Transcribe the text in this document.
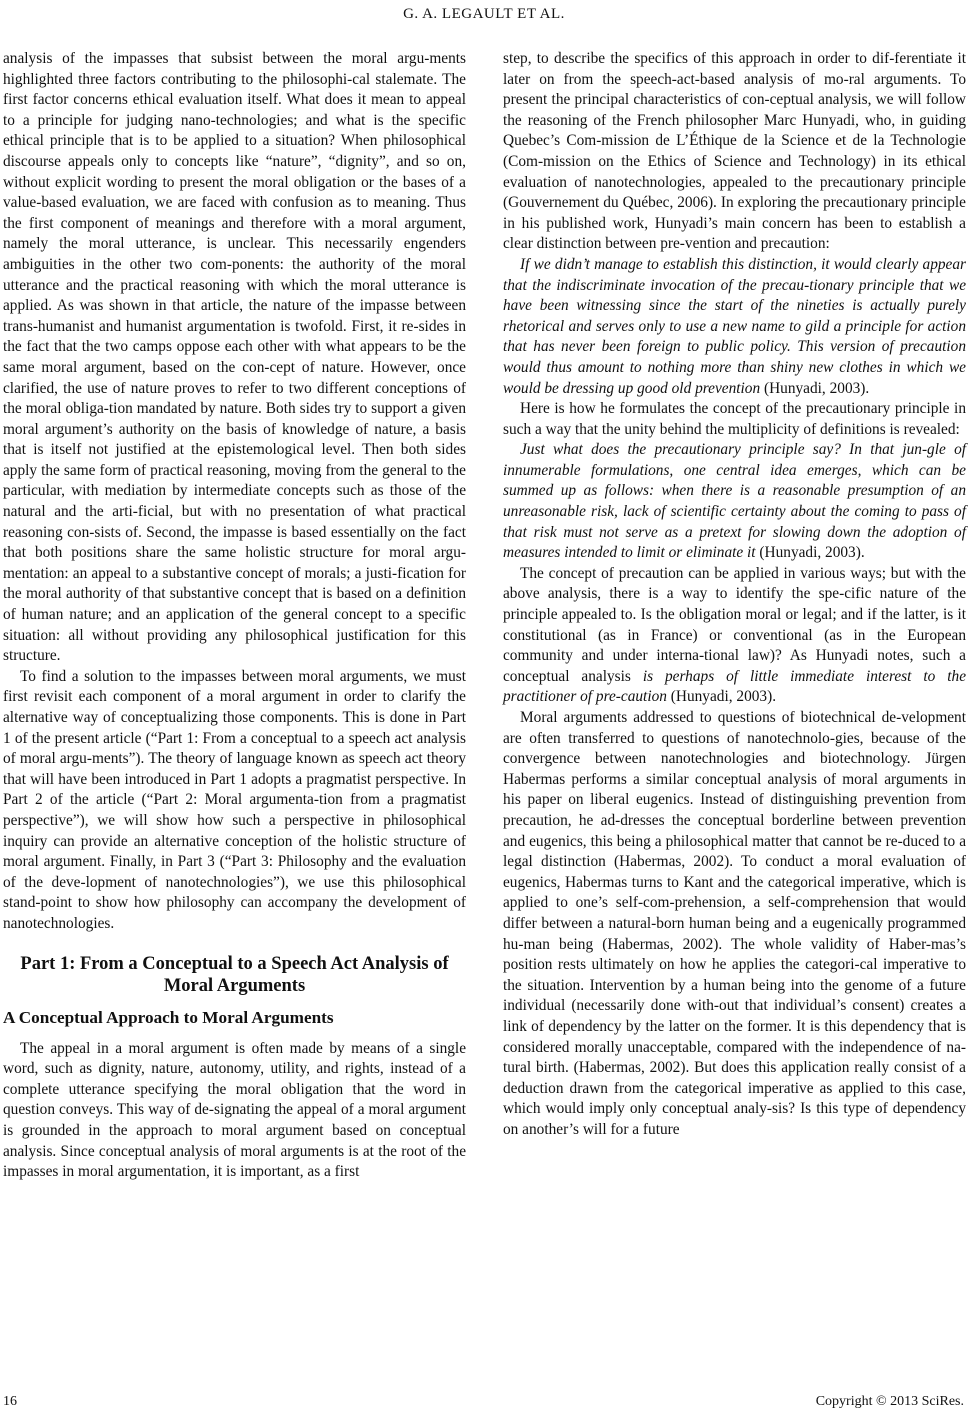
G. A. LEGAULT ET AL.

analysis of the impasses that subsist between the moral argu-ments highlighted three factors contributing to the philosophi-cal stalemate. The first factor concerns ethical evaluation itself. What does it mean to appeal to a principle for judging nano-technologies; and what is the specific ethical principle that is to be applied to a situation? When philosophical discourse appeals only to concepts like “nature”, “dignity”, and so on, without explicit wording to present the moral obligation or the bases of a value-based evaluation, we are faced with confusion as to meaning. Thus the first component of meanings and therefore with a moral argument, namely the moral utterance, is unclear. This necessarily engenders ambiguities in the other two com-ponents: the authority of the moral utterance and the practical reasoning with which the moral utterance is applied. As was shown in that article, the nature of the impasse between trans-humanist and humanist argumentation is twofold. First, it re-sides in the fact that the two camps oppose each other with what appears to be the same moral argument, based on the con-cept of nature. However, once clarified, the use of nature proves to refer to two different conceptions of the moral obliga-tion mandated by nature. Both sides try to support a given moral argument’s authority on the basis of knowledge of nature, a basis that is itself not justified at the epistemological level. Then both sides apply the same form of practical reasoning, moving from the general to the particular, with mediation by intermediate concepts such as those of the natural and the arti-ficial, but with no presentation of what practical reasoning con-sists of. Second, the impasse is based essentially on the fact that both positions share the same holistic structure for moral argu-mentation: an appeal to a substantive concept of morals; a justi-fication for the moral authority of that substantive concept that is based on a definition of human nature; and an application of the general concept to a specific situation: all without providing any philosophical justification for this structure.

To find a solution to the impasses between moral arguments, we must first revisit each component of a moral argument in order to clarify the alternative way of conceptualizing those components. This is done in Part 1 of the present article (“Part 1: From a conceptual to a speech act analysis of moral argu-ments”). The theory of language known as speech act theory that will have been introduced in Part 1 adopts a pragmatist perspective. In Part 2 of the article (“Part 2: Moral argumenta-tion from a pragmatist perspective”), we will show how such a perspective in philosophical inquiry can provide an alternative conception of the holistic structure of moral argument. Finally, in Part 3 (“Part 3: Philosophy and the evaluation of the deve-lopment of nanotechnologies”), we use this philosophical stand-point to show how philosophy can accompany the development of nanotechnologies.

Part 1: From a Conceptual to a Speech Act Analysis of Moral Arguments
A Conceptual Approach to Moral Arguments

The appeal in a moral argument is often made by means of a single word, such as dignity, nature, autonomy, utility, and rights, instead of a complete utterance specifying the moral obligation that the word in question conveys. This way of de-signating the appeal of a moral argument is grounded in the approach to moral argument based on conceptual analysis. Since conceptual analysis of moral arguments is at the root of the impasses in moral argumentation, it is important, as a first

step, to describe the specifics of this approach in order to dif-ferentiate it later on from the speech-act-based analysis of mo-ral arguments. To present the principal characteristics of con-ceptual analysis, we will follow the reasoning of the French philosopher Marc Hunyadi, who, in guiding Quebec’s Com-mission de L’Éthique de la Science et de la Technologie (Com-mission on the Ethics of Science and Technology) in its ethical evaluation of nanotechnologies, appealed to the precautionary principle (Gouvernement du Québec, 2006). In exploring the precautionary principle in his published work, Hunyadi’s main concern has been to establish a clear distinction between pre-vention and precaution:

If we didn’t manage to establish this distinction, it would clearly appear that the indiscriminate invocation of the precau-tionary principle that we have been witnessing since the start of the nineties is actually purely rhetorical and serves only to use a new name to gild a principle for action that has never been foreign to public policy. This version of precaution would thus amount to nothing more than shiny new clothes in which we would be dressing up good old prevention (Hunyadi, 2003).

Here is how he formulates the concept of the precautionary principle in such a way that the unity behind the multiplicity of definitions is revealed:

Just what does the precautionary principle say? In that jun-gle of innumerable formulations, one central idea emerges, which can be summed up as follows: when there is a reasonable presumption of an unreasonable risk, lack of scientific certainty about the coming to pass of that risk must not serve as a pretext for slowing down the adoption of measures intended to limit or eliminate it (Hunyadi, 2003).

The concept of precaution can be applied in various ways; but with the above analysis, there is a way to identify the spe-cific nature of the principle appealed to. Is the obligation moral or legal; and if the latter, is it constitutional (as in France) or conventional (as in the European community and under interna-tional law)? As Hunyadi notes, such a conceptual analysis is perhaps of little immediate interest to the practitioner of pre-caution (Hunyadi, 2003).

Moral arguments addressed to questions of biotechnical de-velopment are often transferred to questions of nanotechnolo-gies, because of the convergence between nanotechnologies and biotechnology. Jürgen Habermas performs a similar conceptual analysis of moral arguments in his paper on liberal eugenics. Instead of distinguishing prevention from precaution, he ad-dresses the conceptual borderline between prevention and eugenics, this being a philosophical matter that cannot be re-duced to a legal distinction (Habermas, 2002). To conduct a moral evaluation of eugenics, Habermas turns to Kant and the categorical imperative, which is applied to one’s self-com-prehension, a self-comprehension that would differ between a natural-born human being and a eugenically programmed hu-man being (Habermas, 2002). The whole validity of Haber-mas’s position rests ultimately on how he applies the categori-cal imperative to the situation. Intervention by a human being into the genome of a future individual (necessarily done with-out that individual’s consent) creates a link of dependency by the latter on the former. It is this dependency that is considered morally unacceptable, compared with the independence of na-tural birth. (Habermas, 2002). But does this application really consist of a deduction drawn from the categorical imperative as applied to this case, which would imply only conceptual analy-sis? Is this type of dependency on another’s will for a future

16	Copyright © 2013 SciRes.
